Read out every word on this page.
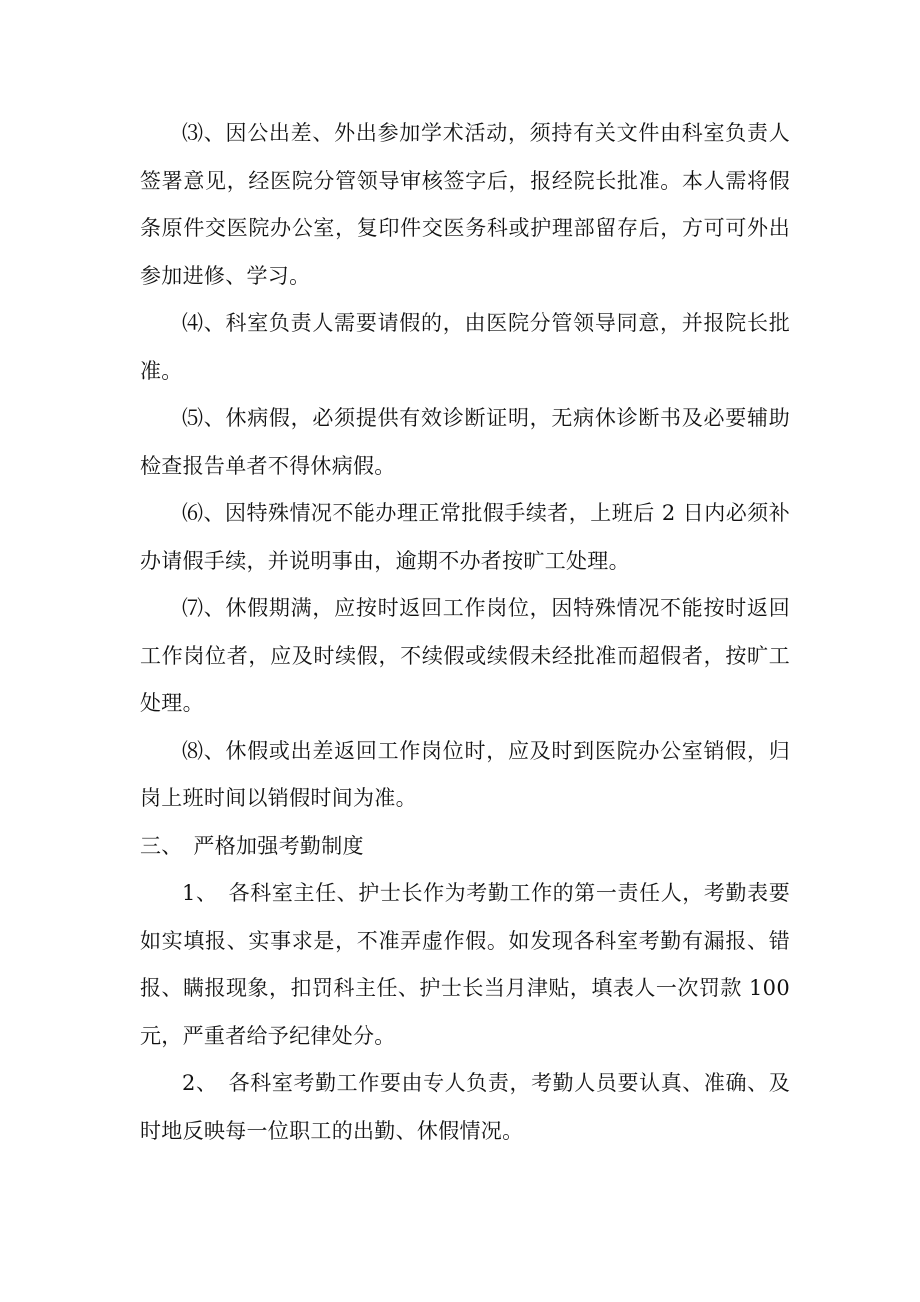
⑶、因公出差、外出参加学术活动，须持有关文件由科室负责人签署意见，经医院分管领导审核签字后，报经院长批准。本人需将假条原件交医院办公室，复印件交医务科或护理部留存后，方可可外出参加进修、学习。

⑷、科室负责人需要请假的，由医院分管领导同意，并报院长批准。

⑸、休病假，必须提供有效诊断证明，无病休诊断书及必要辅助检查报告单者不得休病假。

⑹、因特殊情况不能办理正常批假手续者，上班后 2 日内必须补办请假手续，并说明事由，逾期不办者按旷工处理。

⑺、休假期满，应按时返回工作岗位，因特殊情况不能按时返回工作岗位者，应及时续假，不续假或续假未经批准而超假者，按旷工处理。

⑻、休假或出差返回工作岗位时，应及时到医院办公室销假，归岗上班时间以销假时间为准。

三、　严格加强考勤制度

1、　各科室主任、护士长作为考勤工作的第一责任人，考勤表要如实填报、实事求是，不准弄虚作假。如发现各科室考勤有漏报、错报、瞒报现象，扣罚科主任、护士长当月津贴，填表人一次罚款 100 元，严重者给予纪律处分。

2、　各科室考勤工作要由专人负责，考勤人员要认真、准确、及时地反映每一位职工的出勤、休假情况。
